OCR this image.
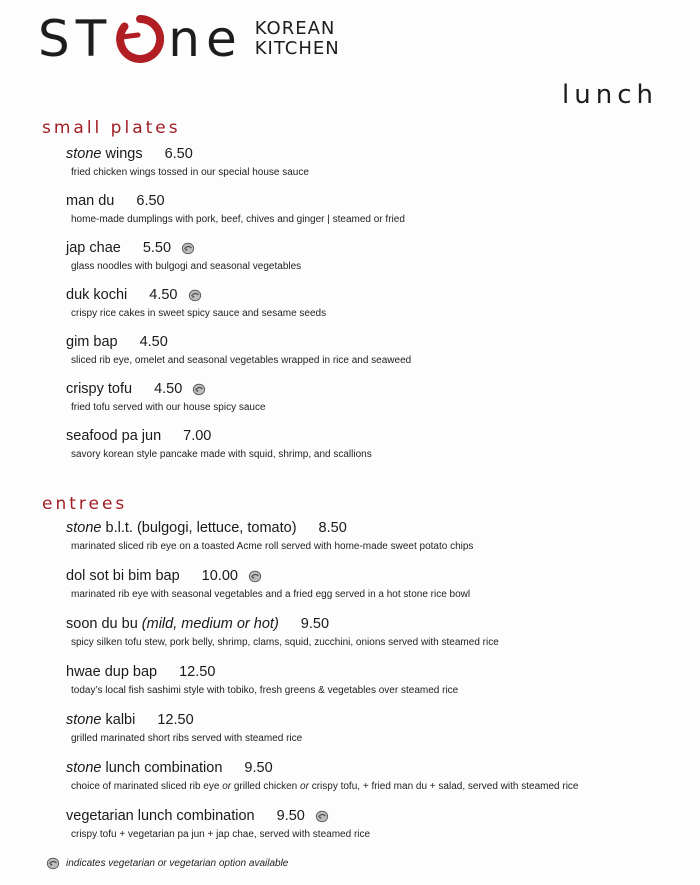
ST ne KOREAN
KITCHEN
lunch
small plates
stone wings 6.50
fried chicken wings tossed in our special house sauce
man du 6.50
home-made dumplings with pork, beef, chives and ginger | steamed or fried
jap chae 5.50
glass noodles with bulgogi and seasonal vegetables
duk kochi 4.50
crispy rice cakes in sweet spicy sauce and sesame seeds
gim bap 4.50
sliced rib eye, omelet and seasonal vegetables wrapped in rice and seaweed
crispy tofu 4.50
fried tofu served with our house spicy sauce
seafood pa jun 7.00
savory korean style pancake made with squid, shrimp, and scallions
entrees
stone b.l.t. (bulgogi, lettuce, tomato) 8.50
marinated sliced rib eye on a toasted Acme roll served with home-made sweet potato chips
dol sot bi bim bap 10.00
marinated rib eye with seasonal vegetables and a fried egg served in a hot stone rice bowl
soon du bu (mild, medium or hot) 9.50
spicy silken tofu stew, pork belly, shrimp, clams, squid, zucchini, onions served with steamed rice
hwae dup bap 12.50
today’s local fish sashimi style with tobiko, fresh greens & vegetables over steamed rice
stone kalbi 12.50
grilled marinated short ribs served with steamed rice
stone lunch combination 9.50
choice of marinated sliced rib eye or grilled chicken or crispy tofu, + fried man du + salad, served with steamed rice
vegetarian lunch combination 9.50
crispy tofu + vegetarian pa jun + jap chae, served with steamed rice
indicates vegetarian or vegetarian option available
